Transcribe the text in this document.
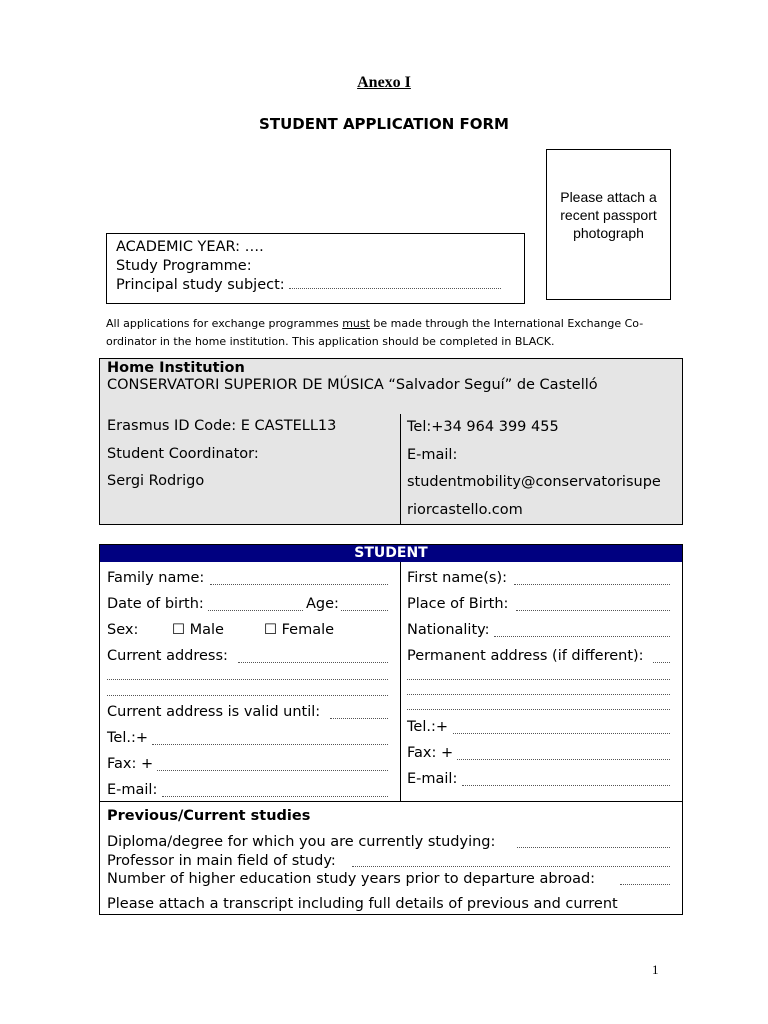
Anexo I
STUDENT APPLICATION FORM
Please attach a recent passport photograph
ACADEMIC YEAR: ….
Study Programme:
Principal study subject:
All applications for exchange programmes must be made through the International Exchange Co-ordinator in the home institution. This application should be completed in BLACK.
Home Institution
CONSERVATORI SUPERIOR DE MÚSICA “Salvador Seguí” de Castelló
Erasmus ID Code: E CASTELL13
Student Coordinator:
Sergi Rodrigo
Tel:+34 964 399 455
E-mail:
studentmobility@conservatorisupe
riorcastello.com
STUDENT
Family name:
Date of birth:	Age:
Sex: ☐ Male	☐ Female
Current address:
Current address is valid until:
Tel.:+
Fax: +
E-mail:
First name(s):
Place of Birth:
Nationality:
Permanent address (if different):
Tel.:+
Fax: +
E-mail:
Previous/Current studies
Diploma/degree for which you are currently studying:
Professor in main field of study:
Number of higher education study years prior to departure abroad:
Please attach a transcript including full details of previous and current
1
